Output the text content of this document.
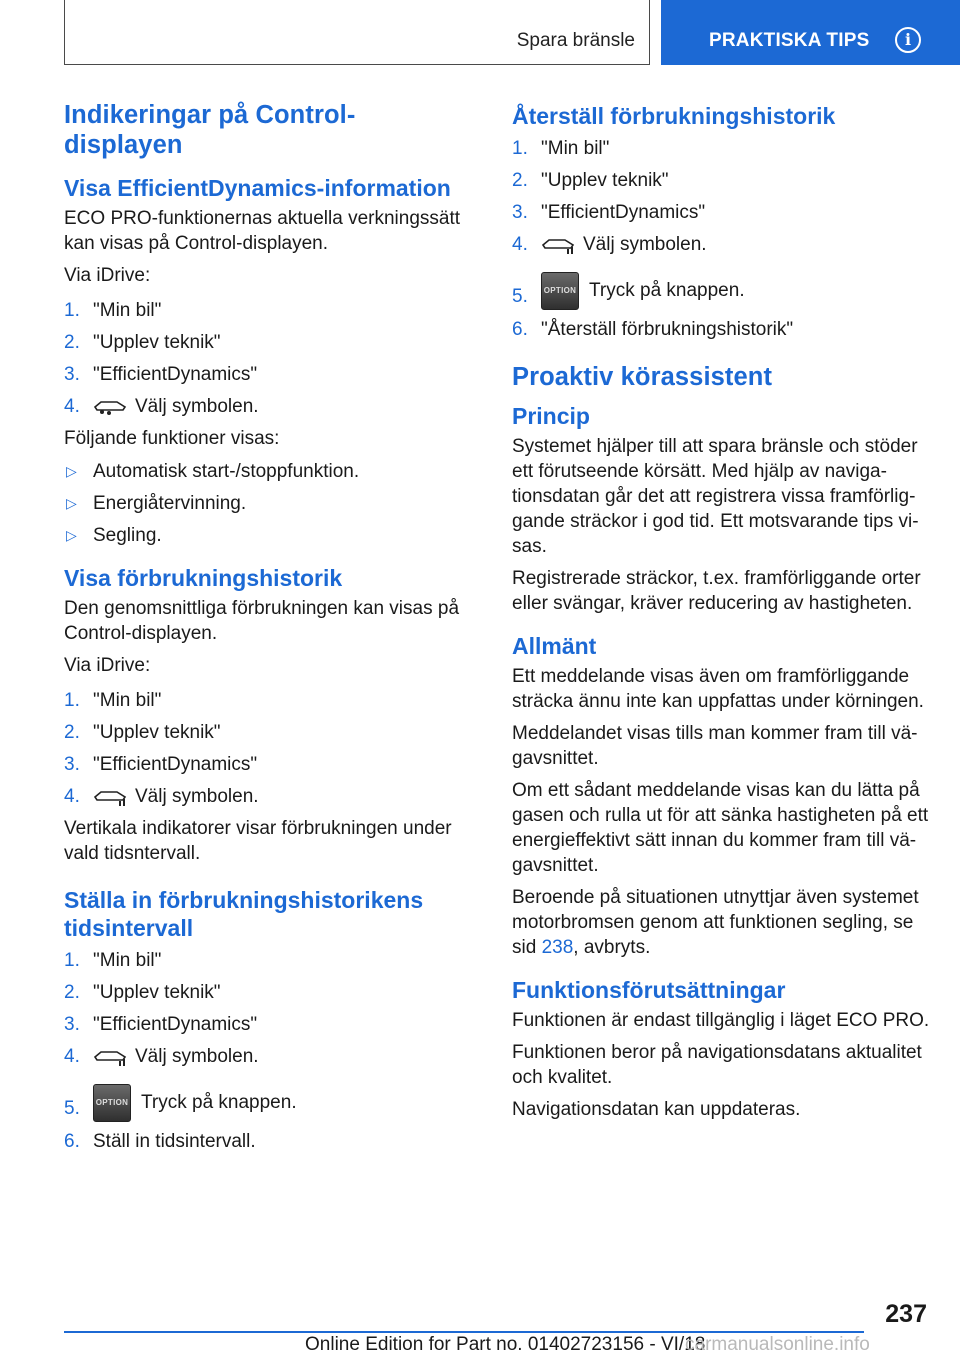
Spara bränsle	PRAKTISKA TIPS	i
Indikeringar på Control-displayen
Visa EfficientDynamics-information

ECO PRO-funktionernas aktuella verkningssätt kan visas på Control-displayen.

Via iDrive:

1. "Min bil"
2. "Upplev teknik"
3. "EfficientDynamics"
4.	Välj symbolen.

Följande funktioner visas:

▷ Automatisk start-/stoppfunktion.
▷ Energiåtervinning.
▷ Segling.
Visa förbrukningshistorik

Den genomsnittliga förbrukningen kan visas på Control-displayen.

Via iDrive:

1. "Min bil"
2. "Upplev teknik"
3. "EfficientDynamics"
4.	Välj symbolen.

Vertikala indikatorer visar förbrukningen under vald tidsntervall.

Ställa in förbrukningshistorikens tidsintervall
1. "Min bil"
2. "Upplev teknik"
3. "EfficientDynamics"
4.	Välj symbolen.
5. OPTION Tryck på knappen.
6. Ställ in tidsintervall.
Återställ förbrukningshistorik
1. "Min bil"
2. "Upplev teknik"
3. "EfficientDynamics"
4.	Välj symbolen.
5. OPTION Tryck på knappen.
6. "Återställ förbrukningshistorik"
Proaktiv körassistent
Princip

Systemet hjälper till att spara bränsle och stöder ett förutseende körsätt. Med hjälp av naviga-tionsdatan går det att registrera vissa framförlig-gande sträckor i god tid. Ett motsvarande tips vi-sas.

Registrerade sträckor, t.ex. framförliggande orter eller svängar, kräver reducering av hastigheten.

Allmänt

Ett meddelande visas även om framförliggande sträcka ännu inte kan uppfattas under körningen.

Meddelandet visas tills man kommer fram till vä-gavsnittet.

Om ett sådant meddelande visas kan du lätta på gasen och rulla ut för att sänka hastigheten på ett energieffektivt sätt innan du kommer fram till vä-gavsnittet.

Beroende på situationen utnyttjar även systemet motorbromsen genom att funktionen segling, se sid 238, avbryts.

Funktionsförutsättningar

Funktionen är endast tillgänglig i läget ECO PRO.

Funktionen beror på navigationsdatans aktualitet och kvalitet.

Navigationsdatan kan uppdateras.

237
Online Edition for Part no. 01402723156 - VI/18
carmanualsonline.info
